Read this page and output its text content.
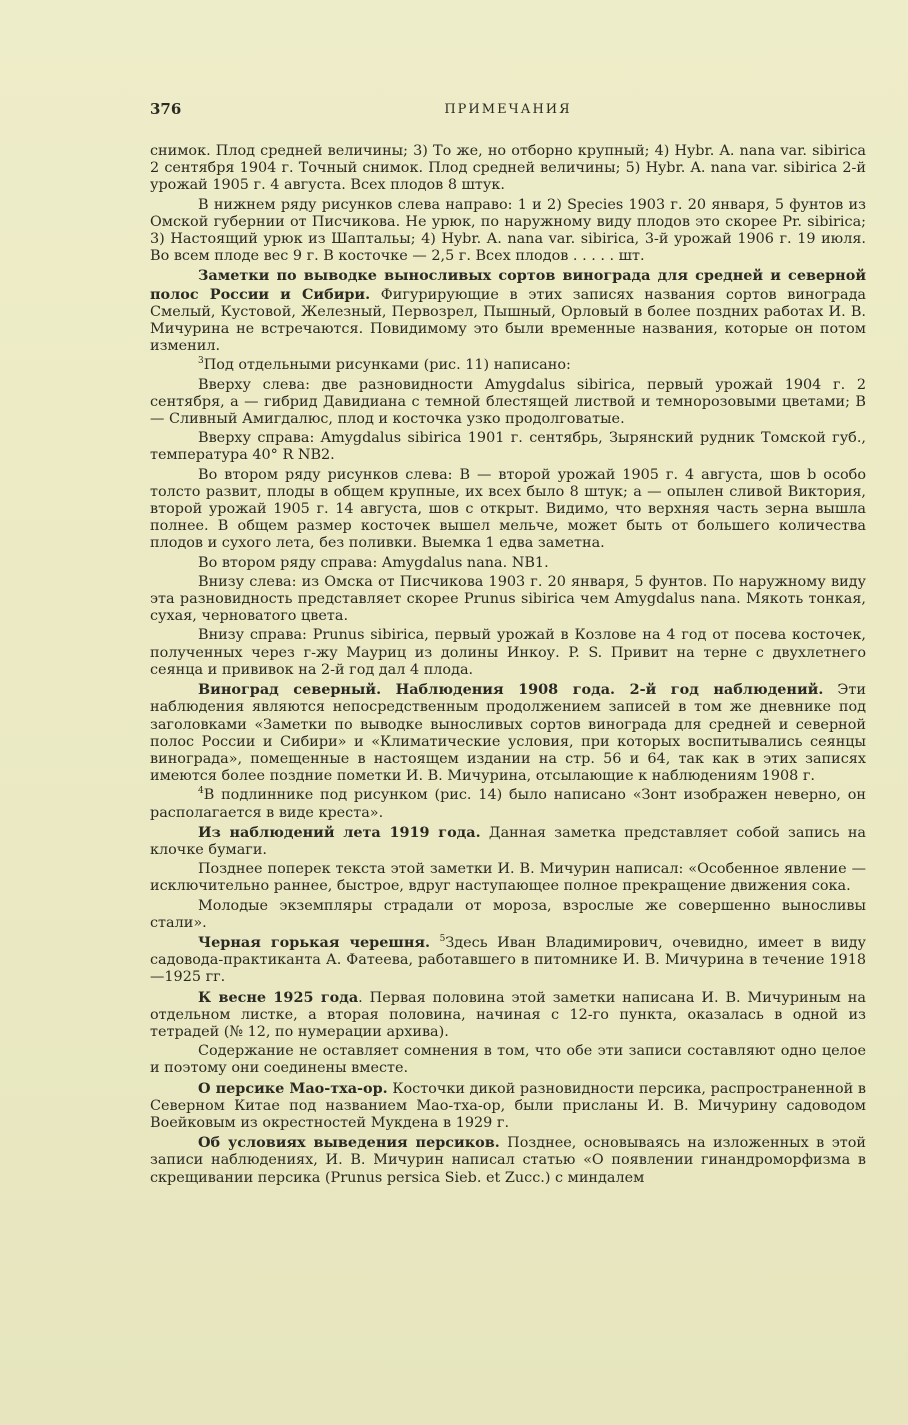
376	ПРИМЕЧАНИЯ

снимок. Плод средней величины; 3) То же, но отборно крупный; 4) Hybr. A. nana var. sibirica 2 сентября 1904 г. Точный снимок. Плод средней величины; 5) Hybr. A. nana var. sibirica 2-й урожай 1905 г. 4 августа. Всех плодов 8 штук.

В нижнем ряду рисунков слева направо: 1 и 2) Species 1903 г. 20 января, 5 фунтов из Омской губернии от Писчикова. Не урюк, по наружному виду плодов это скорее Pr. sibirica; 3) Настоящий урюк из Шаптальы; 4) Hybr. A. nana var. sibirica, 3-й урожай 1906 г. 19 июля. Во всем плоде вес 9 г. В косточке — 2,5 г. Всех плодов . . . . . шт.

Заметки по выводке выносливых сортов винограда для средней и северной полос России и Сибири. Фигурирующие в этих записях названия сортов винограда Смелый, Кустовой, Железный, Первозрел, Пышный, Орловый в более поздних работах И. В. Мичурина не встречаются. Повидимому это были временные названия, которые он потом изменил.

$^3$Под отдельными рисунками (рис. 11) написано:

Вверху слева: две разновидности Amygdalus sibirica, первый урожай 1904 г. 2 сентября, а — гибрид Давидиана с темной блестящей листвой и темнорозовыми цветами; В — Сливный Амигдалюс, плод и косточка узко продолговатые.

Вверху справа: Amygdalus sibirica 1901 г. сентябрь, Зырянский рудник Томской губ., температура 40° R NB2.

Во втором ряду рисунков слева: В — второй урожай 1905 г. 4 августа, шов b особо толсто развит, плоды в общем крупные, их всех было 8 штук; а — опылен сливой Виктория, второй урожай 1905 г. 14 августа, шов с открыт. Видимо, что верхняя часть зерна вышла полнее. В общем размер косточек вышел мельче, может быть от большего количества плодов и сухого лета, без поливки. Выемка 1 едва заметна.

Во втором ряду справа: Amygdalus nana. NB1.

Внизу слева: из Омска от Писчикова 1903 г. 20 января, 5 фунтов. По наружному виду эта разновидность представляет скорее Prunus sibirica чем Amygdalus nana. Мякоть тонкая, сухая, черноватого цвета.

Внизу справа: Prunus sibirica, первый урожай в Козлове на 4 год от посева косточек, полученных через г-жу Мауриц из долины Инкоу. P. S. Привит на терне с двухлетнего сеянца и прививок на 2-й год дал 4 плода.

Виноград северный. Наблюдения 1908 года. 2-й год наблюдений. Эти наблюдения являются непосредственным продолжением записей в том же дневнике под заголовками «Заметки по выводке выносливых сортов винограда для средней и северной полос России и Сибири» и «Климатические условия, при которых воспитывались сеянцы винограда», помещенные в настоящем издании на стр. 56 и 64, так как в этих записях имеются более поздние пометки И. В. Мичурина, отсылающие к наблюдениям 1908 г.

$^4$В подлиннике под рисунком (рис. 14) было написано «Зонт изображен неверно, он располагается в виде креста».

Из наблюдений лета 1919 года. Данная заметка представляет собой запись на клочке бумаги.

Позднее поперек текста этой заметки И. В. Мичурин написал: «Особенное явление — исключительно раннее, быстрое, вдруг наступающее полное прекращение движения сока.

Молодые экземпляры страдали от мороза, взрослые же совершенно выносливы стали».

Черная горькая черешня. $^5$Здесь Иван Владимирович, очевидно, имеет в виду садовода-практиканта А. Фатеева, работавшего в питомнике И. В. Мичурина в течение 1918—1925 гг.

К весне 1925 года. Первая половина этой заметки написана И. В. Мичуриным на отдельном листке, а вторая половина, начиная с 12-го пункта, оказалась в одной из тетрадей (№ 12, по нумерации архива).

Содержание не оставляет сомнения в том, что обе эти записи составляют одно целое и поэтому они соединены вместе.

О персике Мао-тха-ор. Косточки дикой разновидности персика, распространенной в Северном Китае под названием Мао-тха-ор, были присланы И. В. Мичурину садоводом Воейковым из окрестностей Мукдена в 1929 г.

Об условиях выведения персиков. Позднее, основываясь на изложенных в этой записи наблюдениях, И. В. Мичурин написал статью «О появлении гинандроморфизма в скрещивании персика (Prunus persica Sieb. et Zucc.) с миндалем
